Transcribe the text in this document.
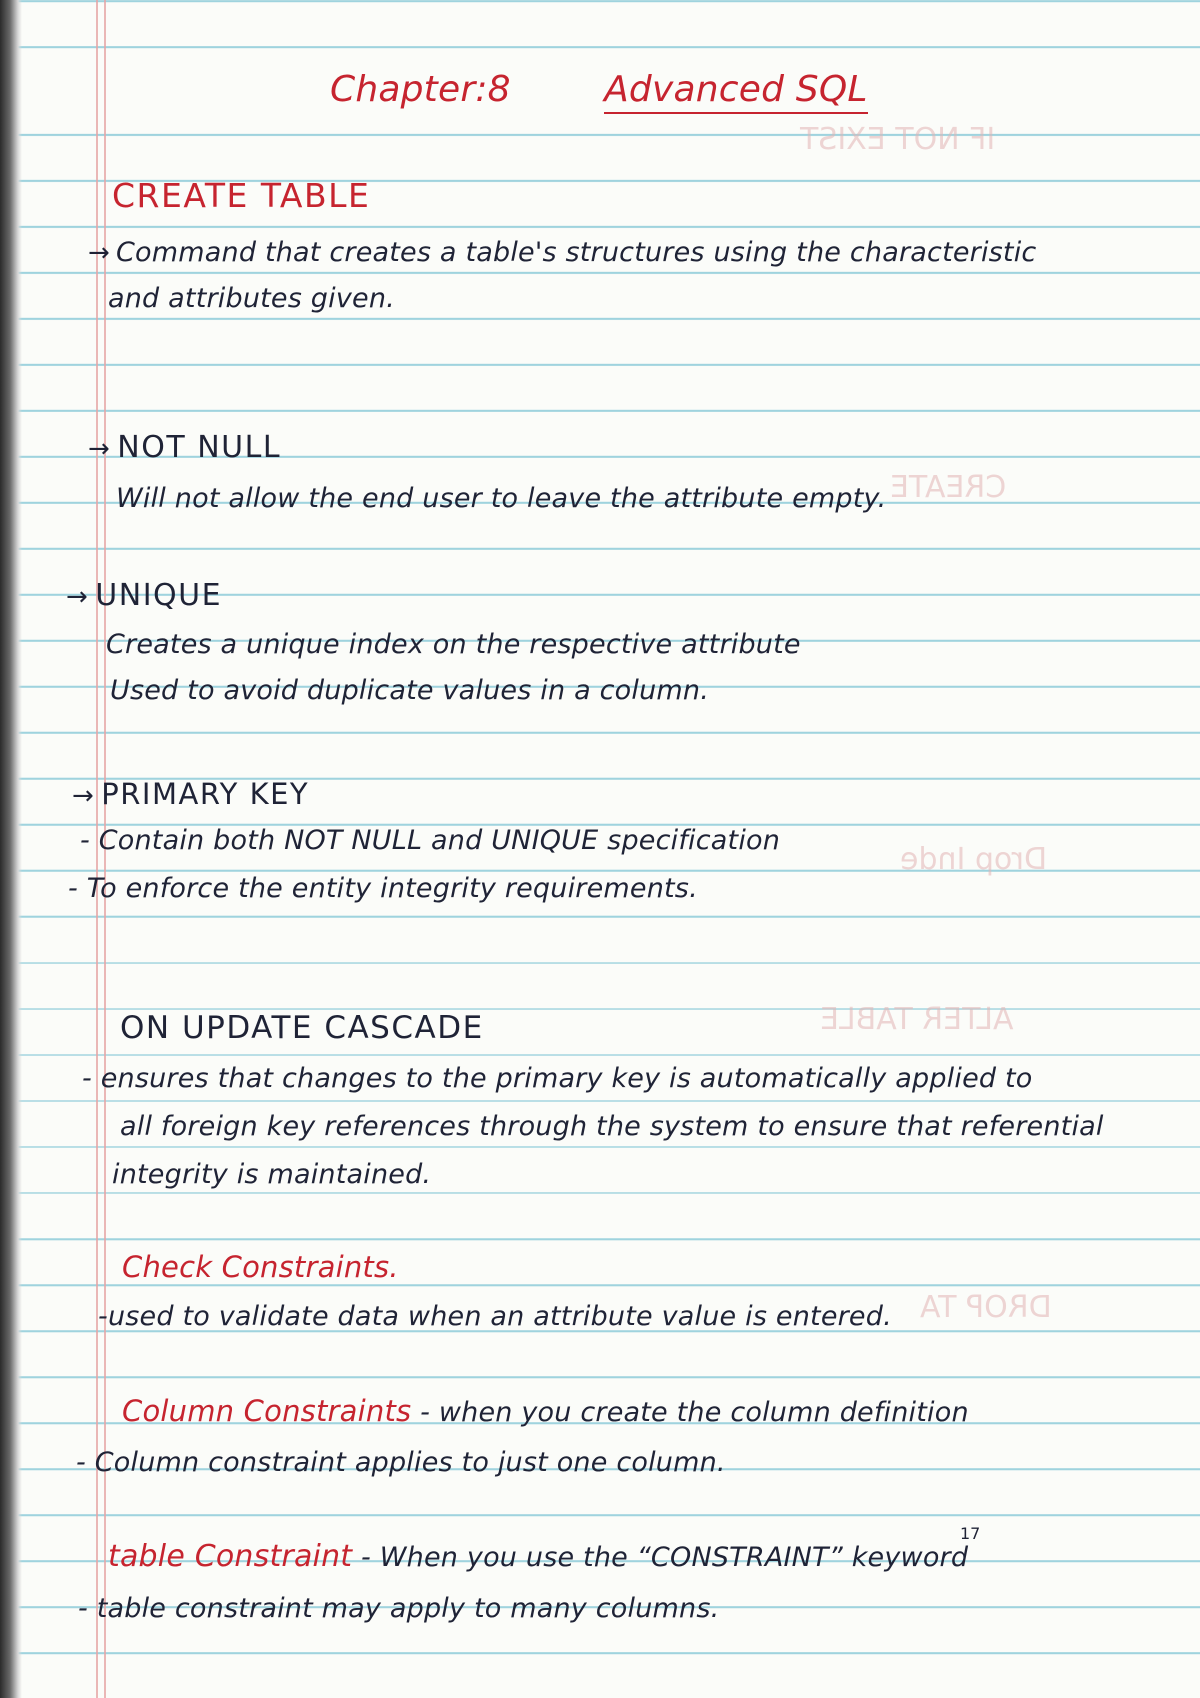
IF NOT EXIST
CREATE
ALTER TABLE
DROP TA
Drop Inde
Chapter:8	Advanced SQL
CREATE TABLE
→ Command that creates a table's structures using the characteristic
and attributes given.
→ NOT NULL
Will not allow the end user to leave the attribute empty.
→ UNIQUE
Creates a unique index on the respective attribute
Used to avoid duplicate values in a column.
→ PRIMARY KEY
- Contain both NOT NULL and UNIQUE specification
- To enforce the entity integrity requirements.
ON UPDATE CASCADE
- ensures that changes to the primary key is automatically applied to
all foreign key references through the system to ensure that referential
integrity is maintained.
Check Constraints.
-used to validate data when an attribute value is entered.
Column Constraints - when you create the column definition
- Column constraint applies to just one column.
table Constraint - When you use the “CONSTRAINT” keyword
17
- table constraint may apply to many columns.
